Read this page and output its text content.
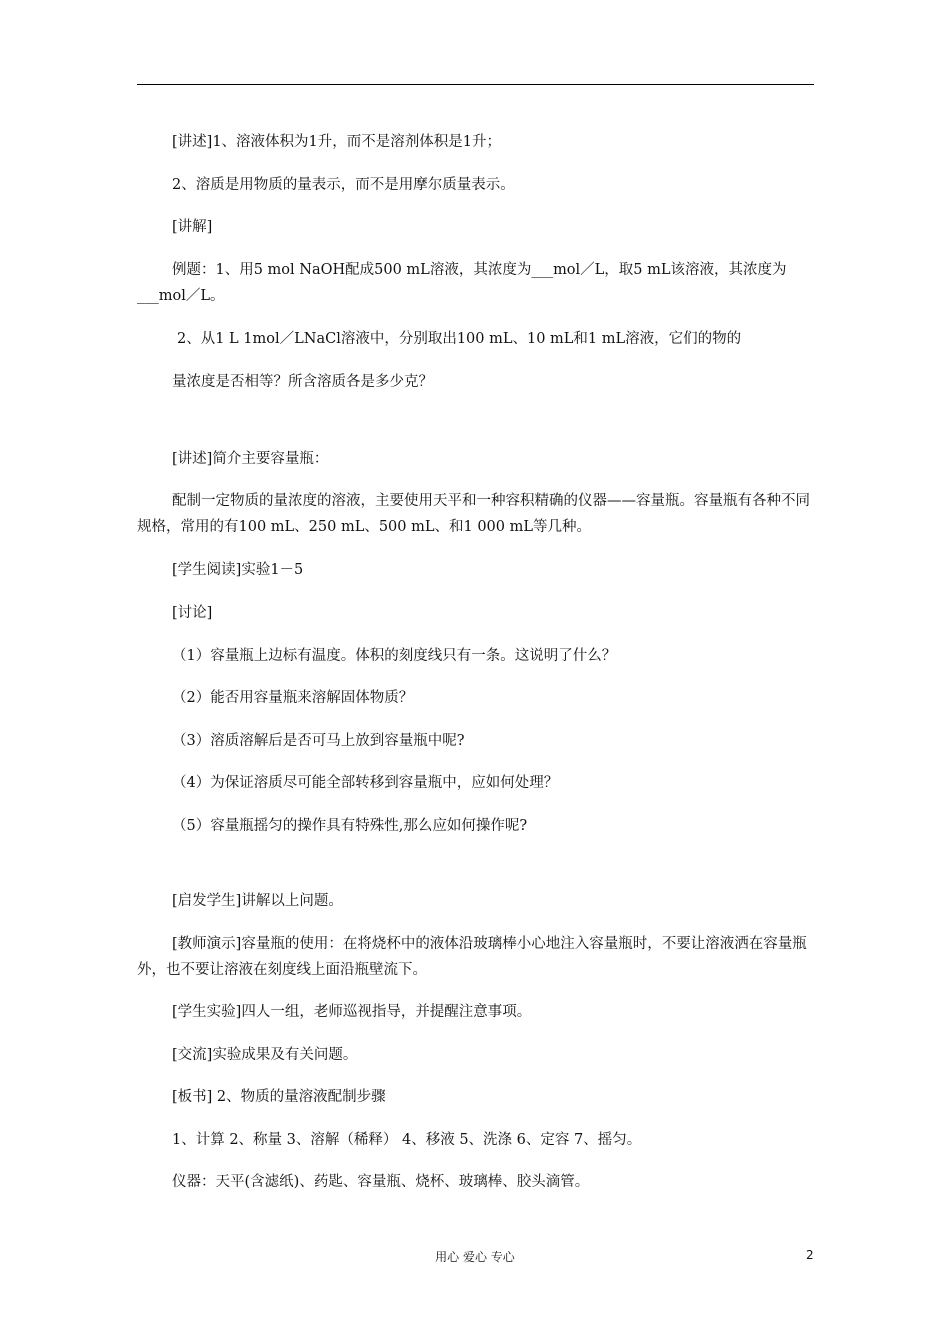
[讲述]1、溶液体积为1升，而不是溶剂体积是1升；
2、溶质是用物质的量表示，而不是用摩尔质量表示。
[讲解]
例题：1、用5 mol NaOH配成500 mL溶液，其浓度为___mol／L，取5 mL该溶液，其浓度为___mol／L。
2、从1 L 1mol／LNaCl溶液中，分别取出100 mL、10 mL和1 mL溶液，它们的物的
量浓度是否相等？所含溶质各是多少克？
[讲述]简介主要容量瓶：
配制一定物质的量浓度的溶液，主要使用天平和一种容积精确的仪器——容量瓶。容量瓶有各种不同规格，常用的有100 mL、250 mL、500 mL、和1 000 mL等几种。
[学生阅读]实验1－5
[讨论]
（1）容量瓶上边标有温度。体积的刻度线只有一条。这说明了什么？
（2）能否用容量瓶来溶解固体物质？
（3）溶质溶解后是否可马上放到容量瓶中呢?
（4）为保证溶质尽可能全部转移到容量瓶中，应如何处理？
（5）容量瓶摇匀的操作具有特殊性,那么应如何操作呢?
[启发学生]讲解以上问题。
[教师演示]容量瓶的使用：在将烧杯中的液体沿玻璃棒小心地注入容量瓶时，不要让溶液洒在容量瓶外，也不要让溶液在刻度线上面沿瓶壁流下。
[学生实验]四人一组，老师巡视指导，并提醒注意事项。
[交流]实验成果及有关问题。
[板书] 2、物质的量溶液配制步骤
1、计算 2、称量 3、溶解（稀释） 4、移液 5、洗涤 6、定容 7、摇匀。
仪器：天平(含滤纸)、药匙、容量瓶、烧杯、玻璃棒、胶头滴管。
用心 爱心 专心	2
